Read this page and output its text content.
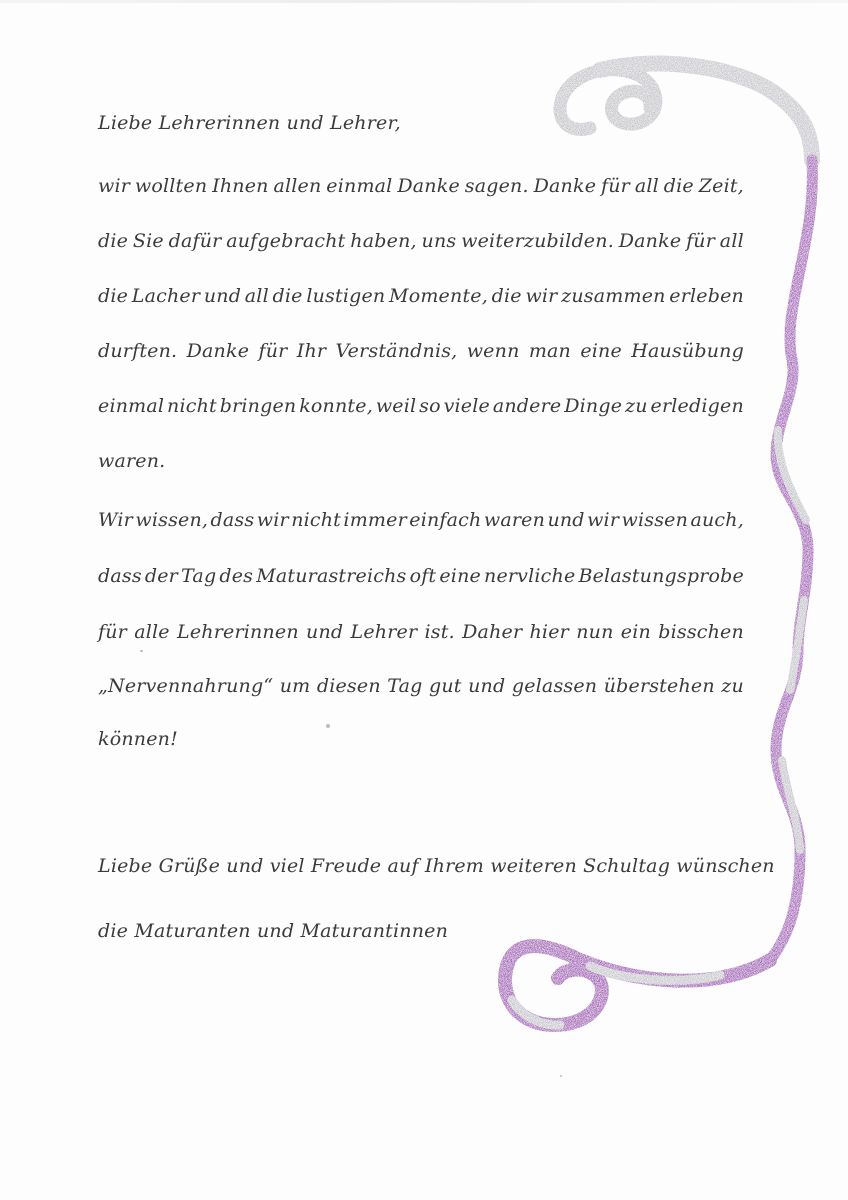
Liebe Lehrerinnen und Lehrer,
wir wollten Ihnen allen einmal Danke sagen. Danke für all die Zeit,
die Sie dafür aufgebracht haben, uns weiterzubilden. Danke für all
die Lacher und all die lustigen Momente, die wir zusammen erleben
durften. Danke für Ihr Verständnis, wenn man eine Hausübung
einmal nicht bringen konnte, weil so viele andere Dinge zu erledigen
waren.
Wir wissen, dass wir nicht immer einfach waren und wir wissen auch,
dass der Tag des Maturastreichs oft eine nervliche Belastungsprobe
für alle Lehrerinnen und Lehrer ist. Daher hier nun ein bisschen
„Nervennahrung“ um diesen Tag gut und gelassen überstehen zu
können!
Liebe Grüße und viel Freude auf Ihrem weiteren Schultag wünschen
die Maturanten und Maturantinnen
